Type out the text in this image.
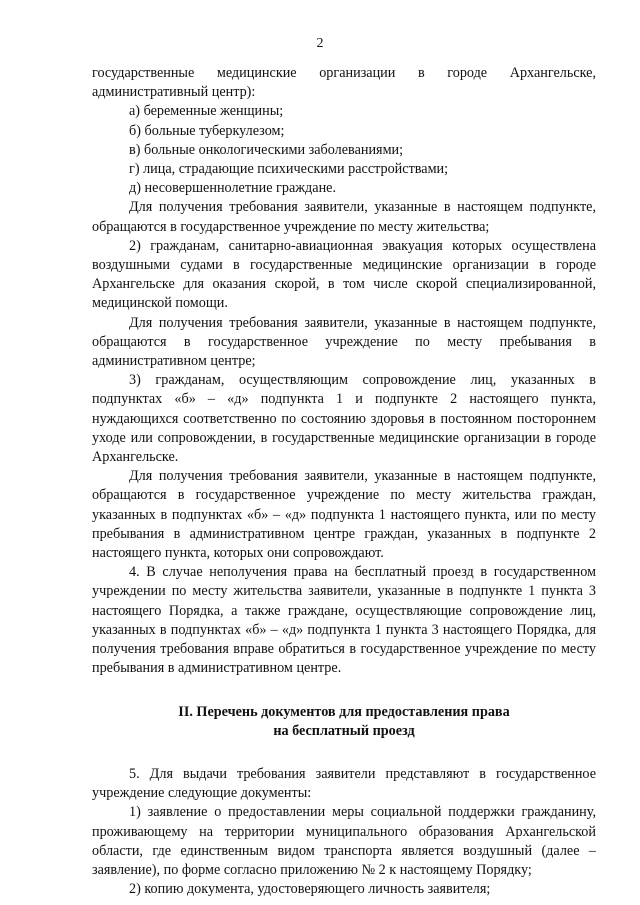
2

государственные медицинские организации в городе Архангельске, административный центр):

а) беременные женщины;

б) больные туберкулезом;

в) больные онкологическими заболеваниями;

г) лица, страдающие психическими расстройствами;

д) несовершеннолетние граждане.

Для получения требования заявители, указанные в настоящем подпункте, обращаются в государственное учреждение по месту жительства;

2) гражданам, санитарно-авиационная эвакуация которых осуществлена воздушными судами в государственные медицинские организации в городе Архангельске для оказания скорой, в том числе скорой специализированной, медицинской помощи.

Для получения требования заявители, указанные в настоящем подпункте, обращаются в государственное учреждение по месту пребывания в административном центре;

3) гражданам, осуществляющим сопровождение лиц, указанных в подпунктах «б» – «д» подпункта 1 и подпункте 2 настоящего пункта, нуждающихся соответственно по состоянию здоровья в постоянном постороннем уходе или сопровождении, в государственные медицинские организации в городе Архангельске.

Для получения требования заявители, указанные в настоящем подпункте, обращаются в государственное учреждение по месту жительства граждан, указанных в подпунктах «б» – «д» подпункта 1 настоящего пункта, или по месту пребывания в административном центре граждан, указанных в подпункте 2 настоящего пункта, которых они сопровождают.

4. В случае неполучения права на бесплатный проезд в государственном учреждении по месту жительства заявители, указанные в подпункте 1 пункта 3 настоящего Порядка, а также граждане, осуществляющие сопровождение лиц, указанных в подпунктах «б» – «д» подпункта 1 пункта 3 настоящего Порядка, для получения требования вправе обратиться в государственное учреждение по месту пребывания в административном центре.

II. Перечень документов для предоставления права
на бесплатный проезд

5. Для выдачи требования заявители представляют в государственное учреждение следующие документы:

1) заявление о предоставлении меры социальной поддержки гражданину, проживающему на территории муниципального образования Архангельской области, где единственным видом транспорта является воздушный (далее – заявление), по форме согласно приложению № 2 к настоящему Порядку;

2) копию документа, удостоверяющего личность заявителя;
